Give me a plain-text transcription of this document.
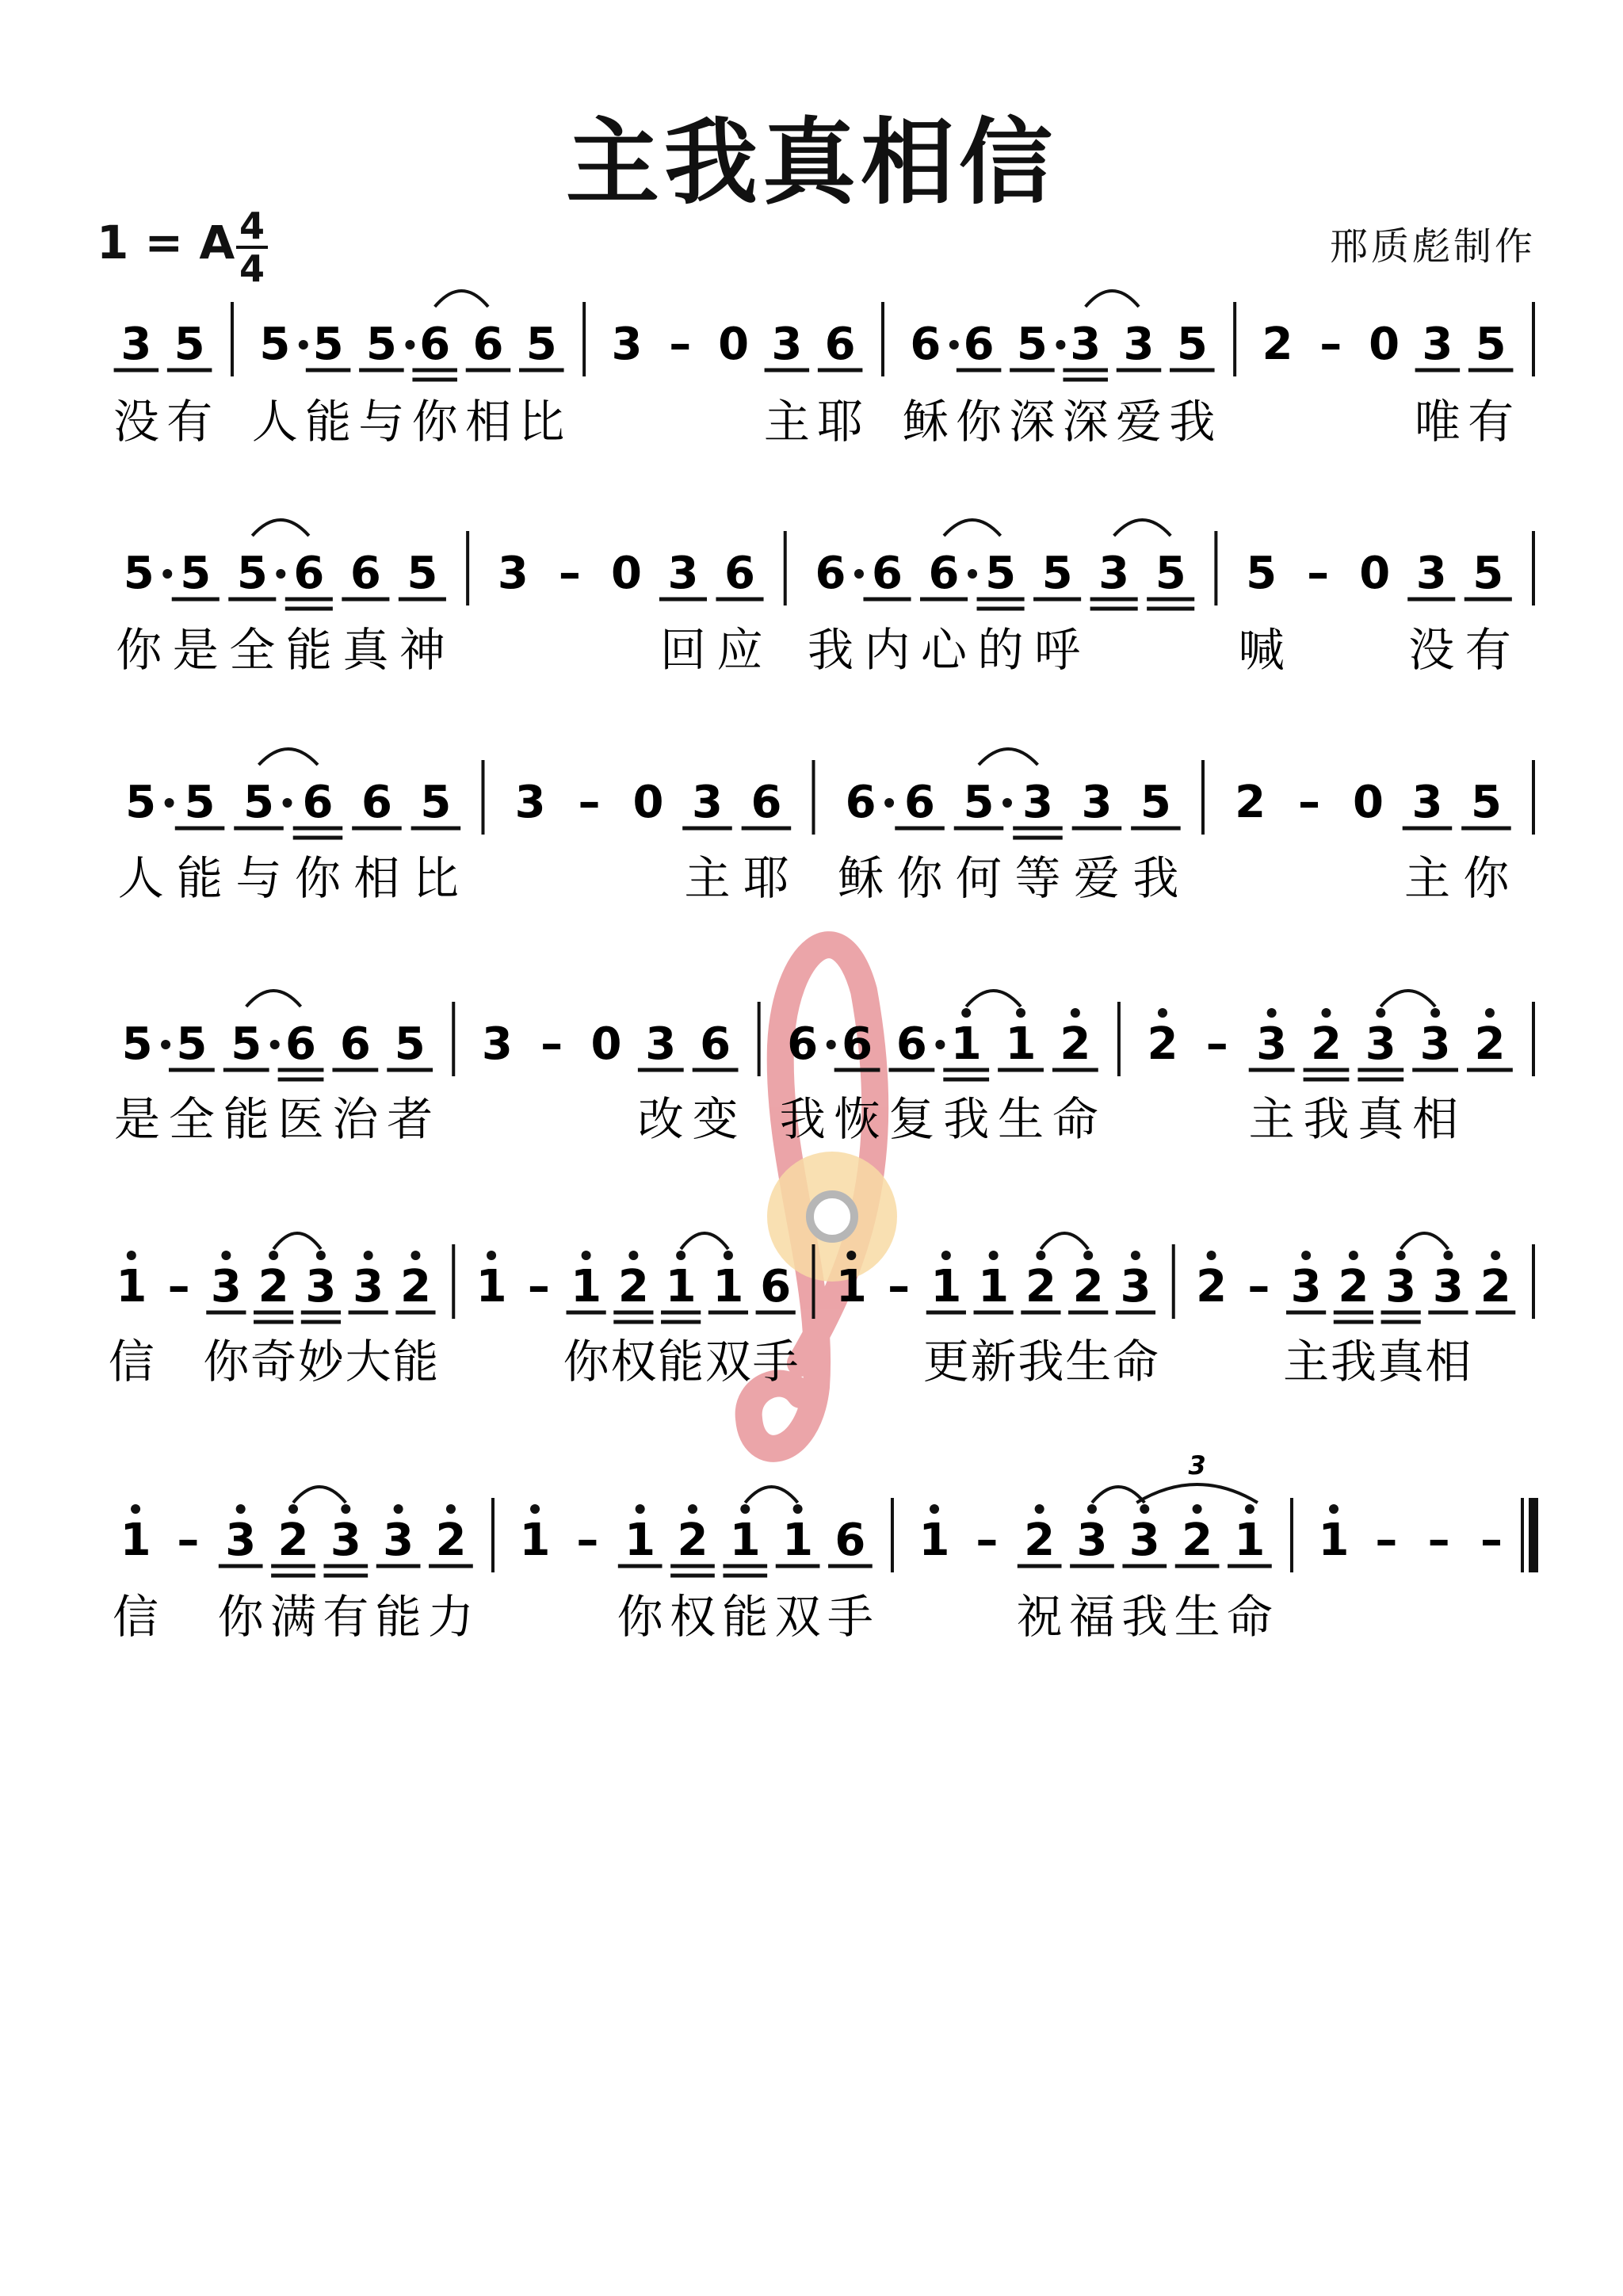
主我真相信
1 = A 4
4	邢质彪制作
3
没
5
有
5
人
5
能
5
与
6
你
6
相
5
比
3 – 0 3
主
6
耶
6
稣
6
你
5
深
3
深
3
爱
5
我
2 – 0 3
唯
5
有
5
你
5
是
5
全
6
能
6
真
5
神
3 – 0 3
回
6
应
6
我
6
内
6
心
5
的
5
呼
3 5 5
喊
– 0 3
没
5
有
5
人
5
能
5
与
6
你
6
相
5
比
3 – 0 3
主
6
耶
6
稣
6
你
5
何
3
等
3
爱
5
我
2 – 0 3
主
5
你
5
是
5
全
5
能
6
医
6
治
5
者
3 – 0 3
改
6
变
6
我
6
恢
6
复
1
我
1
生
2
命
2 – 3
主
2
我
3
真
3
相
2
1
信
– 3
你
2
奇
3
妙
3
大
2
能
1 – 1
你
2
权
1
能
1
双
6
手
1 – 1
更
1
新
2
我
2
生
3
命
2 – 3
主
2
我
3
真
3
相
2
1
信
– 3
你
2
满
3
有
3
能
2
力
1 – 1
你
2
权
1
能
1
双
6
手
1 – 2
祝
3
福
3
我
2
生
1
命
1 – – –
3
